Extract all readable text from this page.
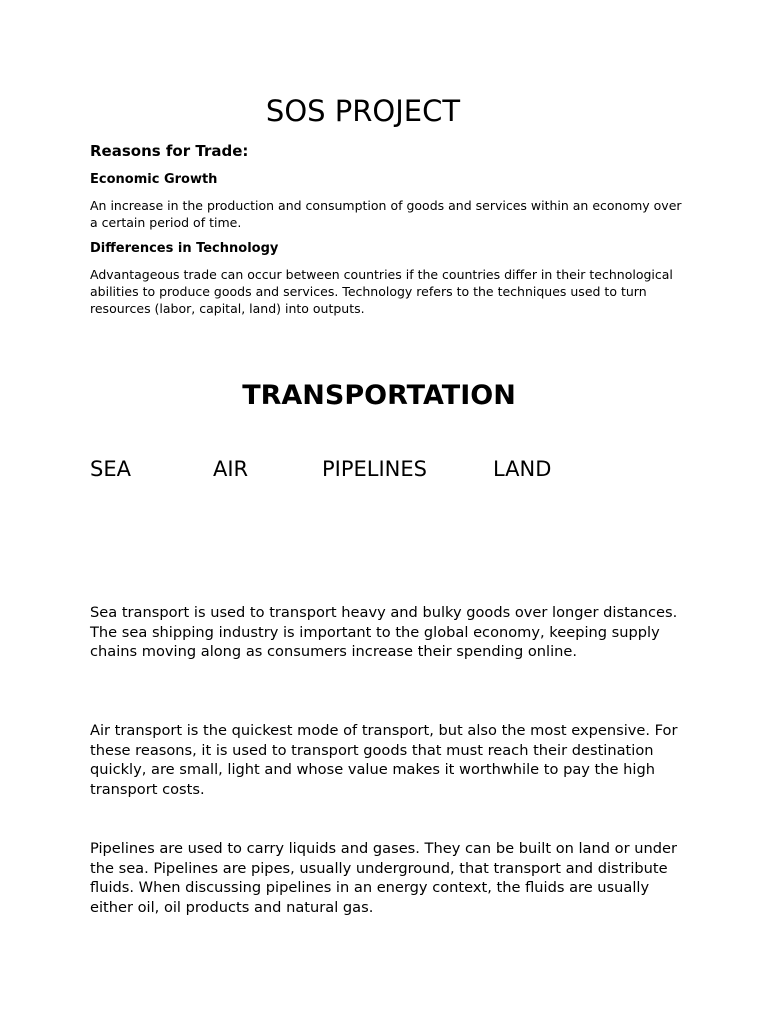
SOS PROJECT
Reasons for Trade:
Economic Growth

An increase in the production and consumption of goods and services within an economy over a certain period of time.

Differences in Technology

Advantageous trade can occur between countries if the countries differ in their technological abilities to produce goods and services. Technology refers to the techniques used to turn resources (labor, capital, land) into outputs.

TRANSPORTATION
SEA	AIR	PIPELINES	LAND

Sea transport is used to transport heavy and bulky goods over longer distances. The sea shipping industry is important to the global economy, keeping supply chains moving along as consumers increase their spending online.

Air transport is the quickest mode of transport, but also the most expensive. For these reasons, it is used to transport goods that must reach their destination quickly, are small, light and whose value makes it worthwhile to pay the high transport costs.

Pipelines are used to carry liquids and gases. They can be built on land or under the sea. Pipelines are pipes, usually underground, that transport and distribute fluids. When discussing pipelines in an energy context, the fluids are usually either oil, oil products and natural gas.
